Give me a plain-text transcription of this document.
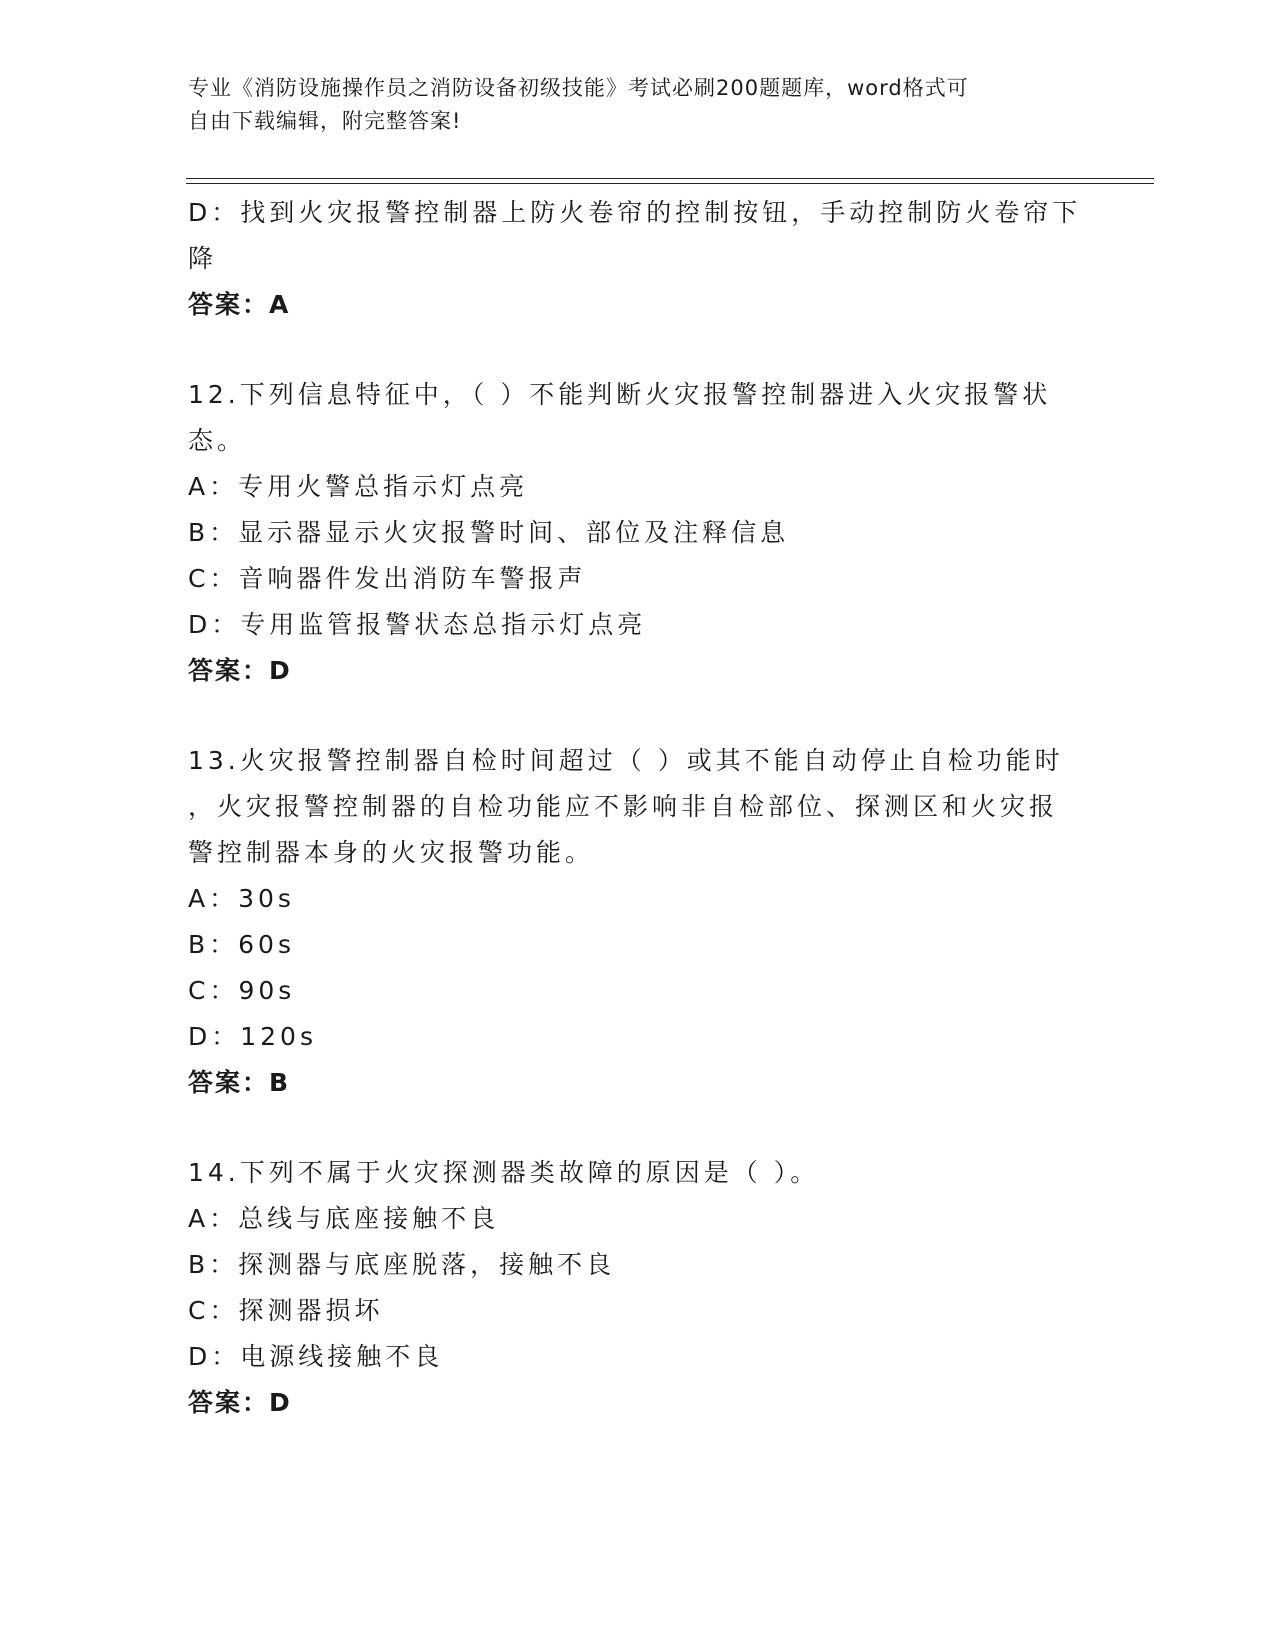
专业《消防设施操作员之消防设备初级技能》考试必刷200题题库，word格式可
自由下载编辑，附完整答案!
D：找到火灾报警控制器上防火卷帘的控制按钮，手动控制防火卷帘下
降
答案：A
12.下列信息特征中，（ ）不能判断火灾报警控制器进入火灾报警状
态。
A：专用火警总指示灯点亮
B：显示器显示火灾报警时间、部位及注释信息
C：音响器件发出消防车警报声
D：专用监管报警状态总指示灯点亮
答案：D
13.火灾报警控制器自检时间超过（ ）或其不能自动停止自检功能时
，火灾报警控制器的自检功能应不影响非自检部位、探测区和火灾报
警控制器本身的火灾报警功能。
A：30s
B：60s
C：90s
D：120s
答案：B
14.下列不属于火灾探测器类故障的原因是（ ）。
A：总线与底座接触不良
B：探测器与底座脱落，接触不良
C：探测器损坏
D：电源线接触不良
答案：D
